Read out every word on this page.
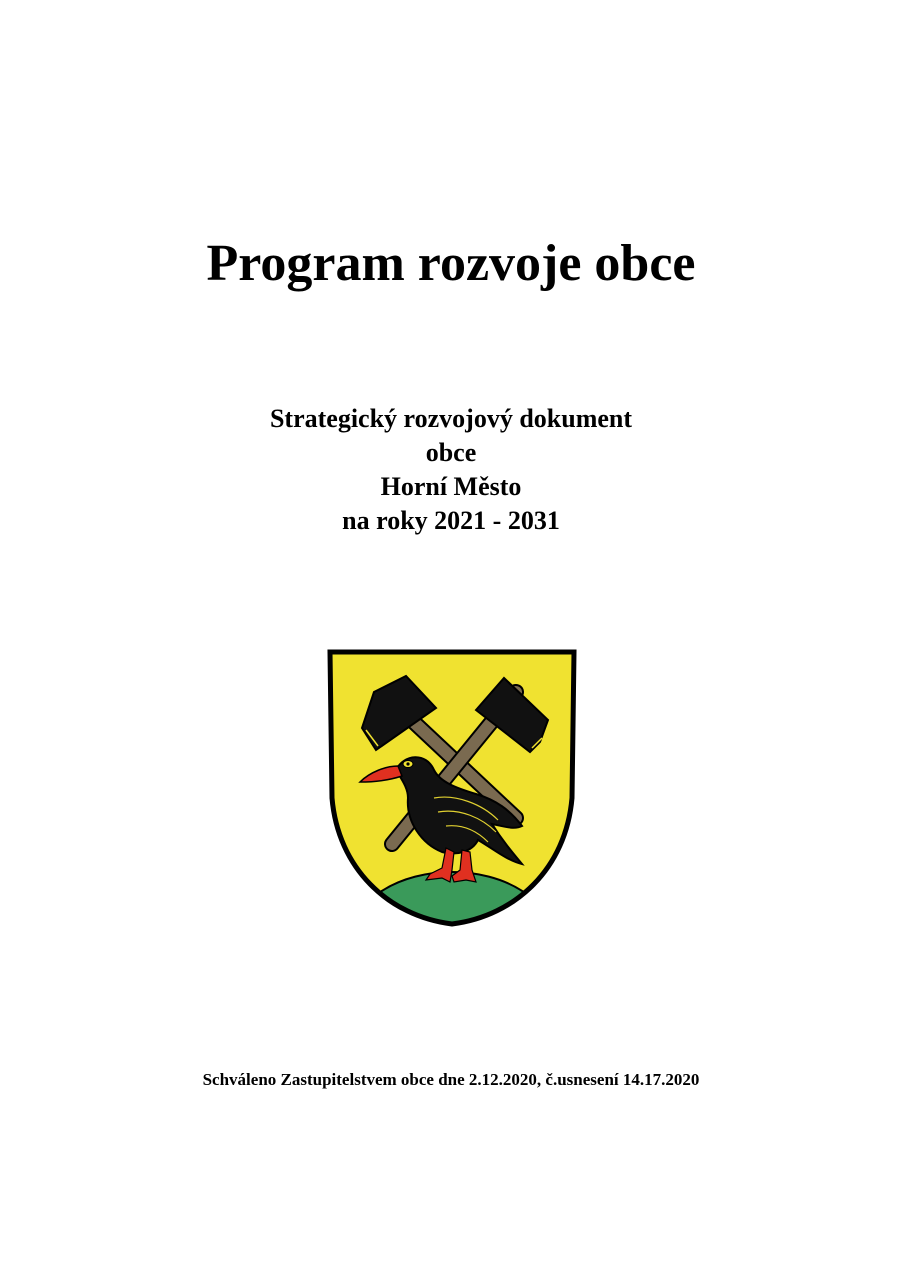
Program rozvoje obce
Strategický rozvojový dokument
obce
Horní Město
na roky 2021 - 2031
Schváleno Zastupitelstvem obce dne 2.12.2020, č.usnesení 14.17.2020
